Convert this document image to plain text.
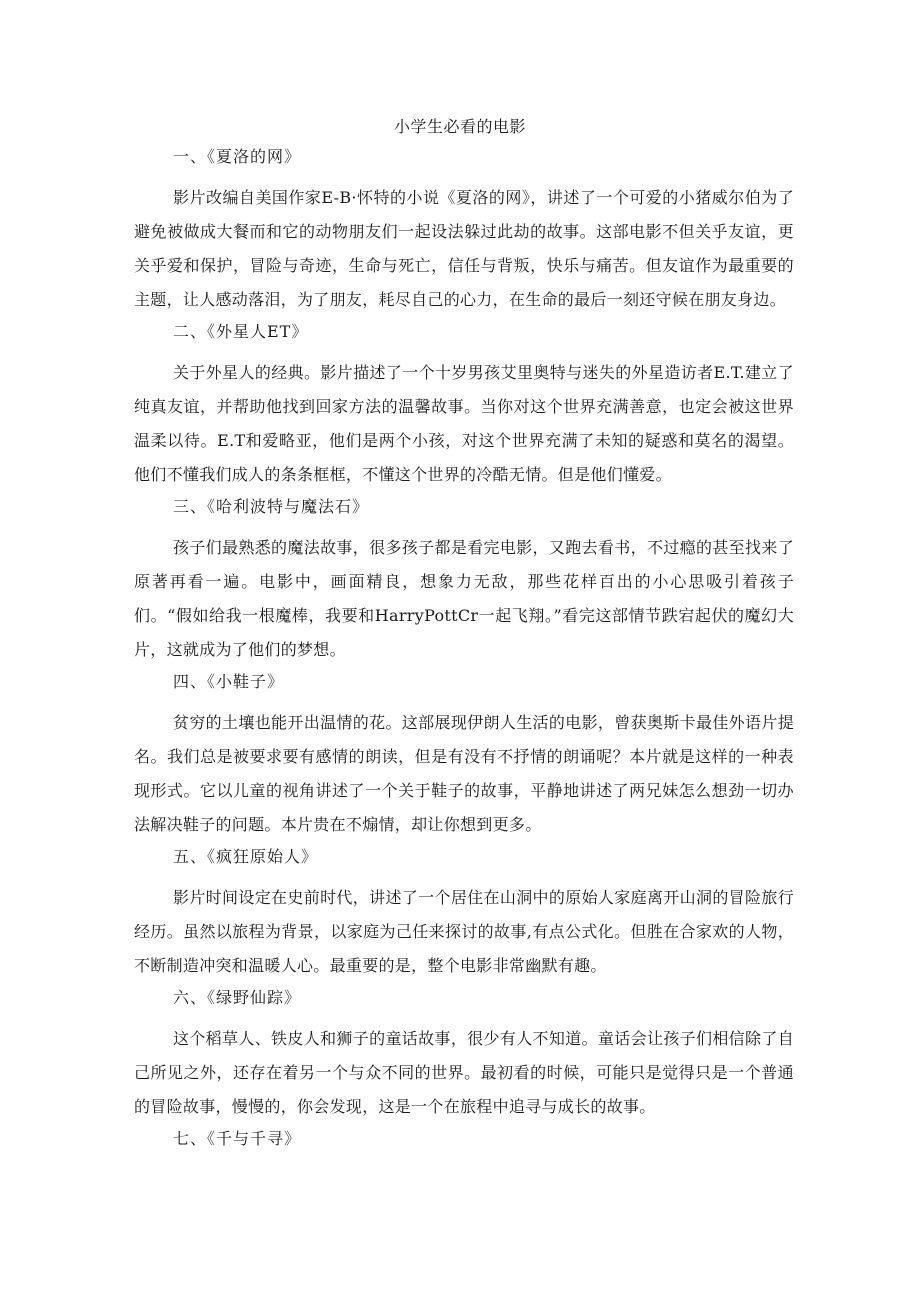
小学生必看的电影
一、《夏洛的网》

影片改编自美国作家E-B·怀特的小说《夏洛的网》，讲述了一个可爱的小猪威尔伯为了避免被做成大餐而和它的动物朋友们一起设法躲过此劫的故事。这部电影不但关乎友谊，更关乎爱和保护，冒险与奇迹，生命与死亡，信任与背叛，快乐与痛苦。但友谊作为最重要的主题，让人感动落泪，为了朋友，耗尽自己的心力，在生命的最后一刻还守候在朋友身边。

二、《外星人ET》

关于外星人的经典。影片描述了一个十岁男孩艾里奥特与迷失的外星造访者E.T.建立了纯真友谊，并帮助他找到回家方法的温馨故事。当你对这个世界充满善意，也定会被这世界温柔以待。E.T和爱略亚，他们是两个小孩，对这个世界充满了未知的疑惑和莫名的渴望。他们不懂我们成人的条条框框，不懂这个世界的冷酷无情。但是他们懂爱。

三、《哈利波特与魔法石》

孩子们最熟悉的魔法故事，很多孩子都是看完电影，又跑去看书，不过瘾的甚至找来了原著再看一遍。电影中，画面精良，想象力无敌，那些花样百出的小心思吸引着孩子们。“假如给我一根魔棒，我要和HarryPottCr一起飞翔。”看完这部情节跌宕起伏的魔幻大片，这就成为了他们的梦想。

四、《小鞋子》

贫穷的土壤也能开出温情的花。这部展现伊朗人生活的电影，曾获奥斯卡最佳外语片提名。我们总是被要求要有感情的朗读，但是有没有不抒情的朗诵呢？本片就是这样的一种表现形式。它以儿童的视角讲述了一个关于鞋子的故事，平静地讲述了两兄妹怎么想劲一切办法解决鞋子的问题。本片贵在不煽情，却让你想到更多。

五、《疯狂原始人》

影片时间设定在史前时代，讲述了一个居住在山洞中的原始人家庭离开山洞的冒险旅行经历。虽然以旅程为背景，以家庭为己任来探讨的故事,有点公式化。但胜在合家欢的人物，不断制造冲突和温暖人心。最重要的是，整个电影非常幽默有趣。

六、《绿野仙踪》

这个稻草人、铁皮人和狮子的童话故事，很少有人不知道。童话会让孩子们相信除了自己所见之外，还存在着另一个与众不同的世界。最初看的时候，可能只是觉得只是一个普通的冒险故事，慢慢的，你会发现，这是一个在旅程中追寻与成长的故事。

七、《千与千寻》
